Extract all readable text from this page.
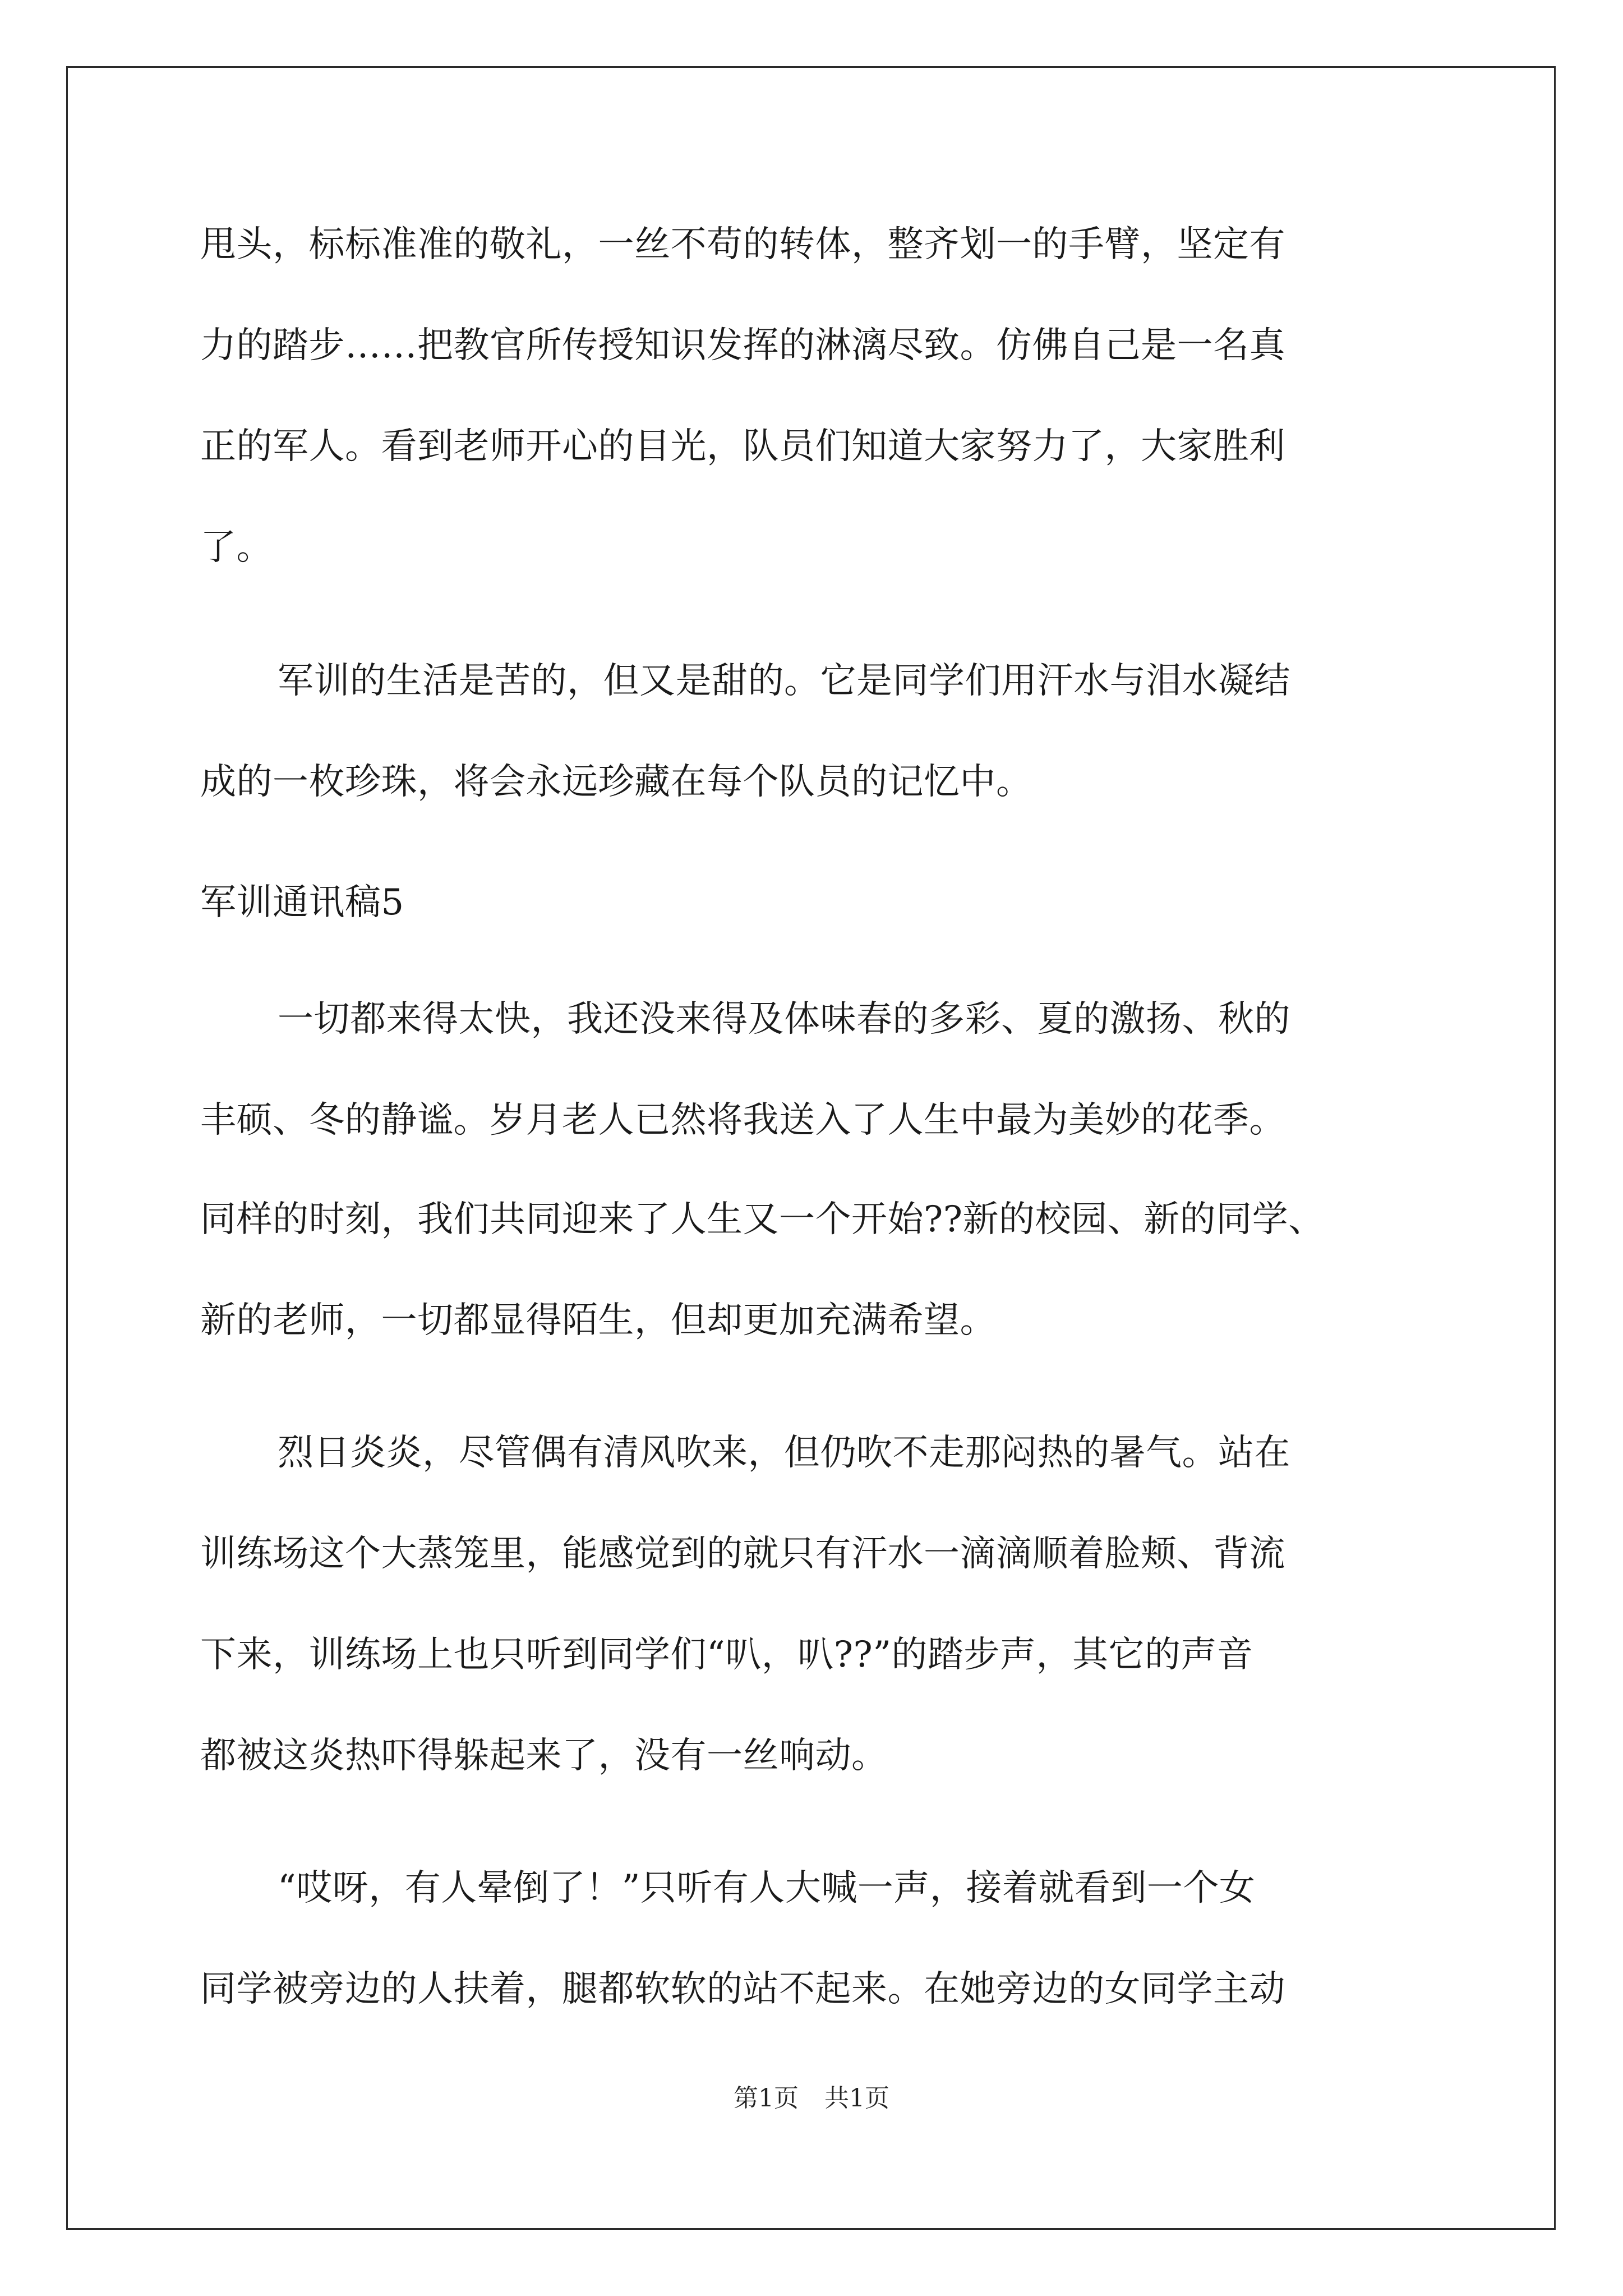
甩头，标标准准的敬礼，一丝不苟的转体，整齐划一的手臂，坚定有
力的踏步……把教官所传授知识发挥的淋漓尽致。仿佛自己是一名真
正的军人。看到老师开心的目光，队员们知道大家努力了，大家胜利
了。
军训的生活是苦的，但又是甜的。它是同学们用汗水与泪水凝结
成的一枚珍珠，将会永远珍藏在每个队员的记忆中。
军训通讯稿5
一切都来得太快，我还没来得及体味春的多彩、夏的激扬、秋的
丰硕、冬的静谧。岁月老人已然将我送入了人生中最为美妙的花季。
同样的时刻，我们共同迎来了人生又一个开始??新的校园、新的同学、
新的老师，一切都显得陌生，但却更加充满希望。
烈日炎炎，尽管偶有清风吹来，但仍吹不走那闷热的暑气。站在
训练场这个大蒸笼里，能感觉到的就只有汗水一滴滴顺着脸颊、背流
下来，训练场上也只听到同学们“叭，叭??”的踏步声，其它的声音
都被这炎热吓得躲起来了，没有一丝响动。
“哎呀，有人晕倒了！”只听有人大喊一声，接着就看到一个女
同学被旁边的人扶着，腿都软软的站不起来。在她旁边的女同学主动
第1页 共1页
